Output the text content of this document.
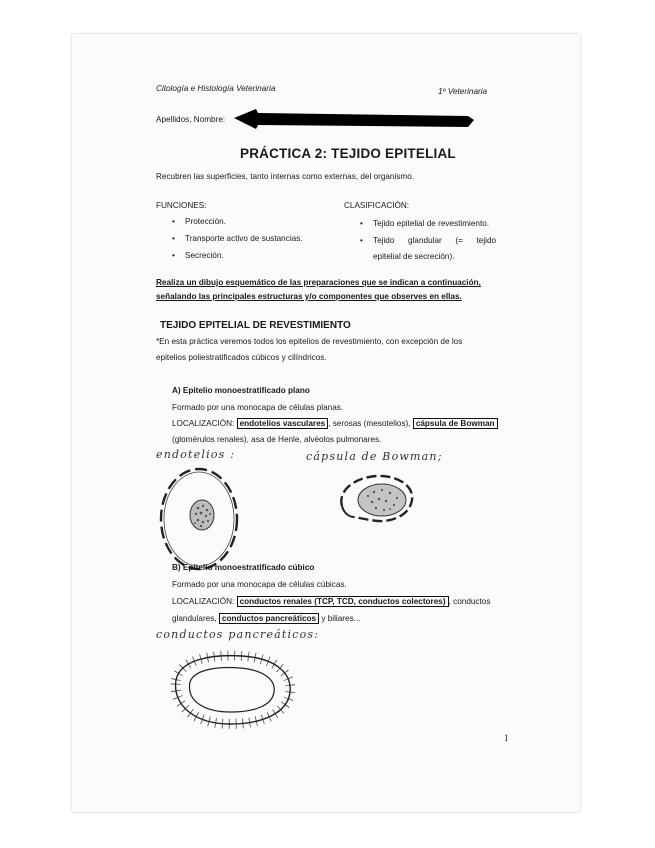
Citología e Histología Veterinaria	1º Veterinaria
Apellidos, Nombre:
PRÁCTICA 2: TEJIDO EPITELIAL
Recubren las superficies, tanto internas como externas, del organismo.
FUNCIONES:
• Protección.
• Transporte activo de sustancias.
• Secreción.
CLASIFICACIÓN:
• Tejido epitelial de revestimiento.
• Tejido      glandular      (=      tejido
epitelial de secreción).
Realiza un dibujo esquemático de las preparaciones que se indican a continuación,
señalando las principales estructuras y/o componentes que observes en ellas.
TEJIDO EPITELIAL DE REVESTIMIENTO
*En esta práctica veremos todos los epitelios de revestimiento, con excepción de los
epitelios poliestratificados cúbicos y cilíndricos.
A) Epitelio monoestratificado plano
Formado por una monocapa de células planas.
LOCALIZACIÓN: endotelios vasculares , serosas (mesotelios), cápsula de Bowman
(glomérulos renales), asa de Henle, alvéolos pulmonares.
endotelios :	cápsula de Bowman;
B) Epitelio monoestratificado cúbico
Formado por una monocapa de células cúbicas.
LOCALIZACIÓN: conductos renales (TCP, TCD, conductos colectores) , conductos
glandulares, conductos pancreáticos y biliares...
conductos pancreáticos:
1
